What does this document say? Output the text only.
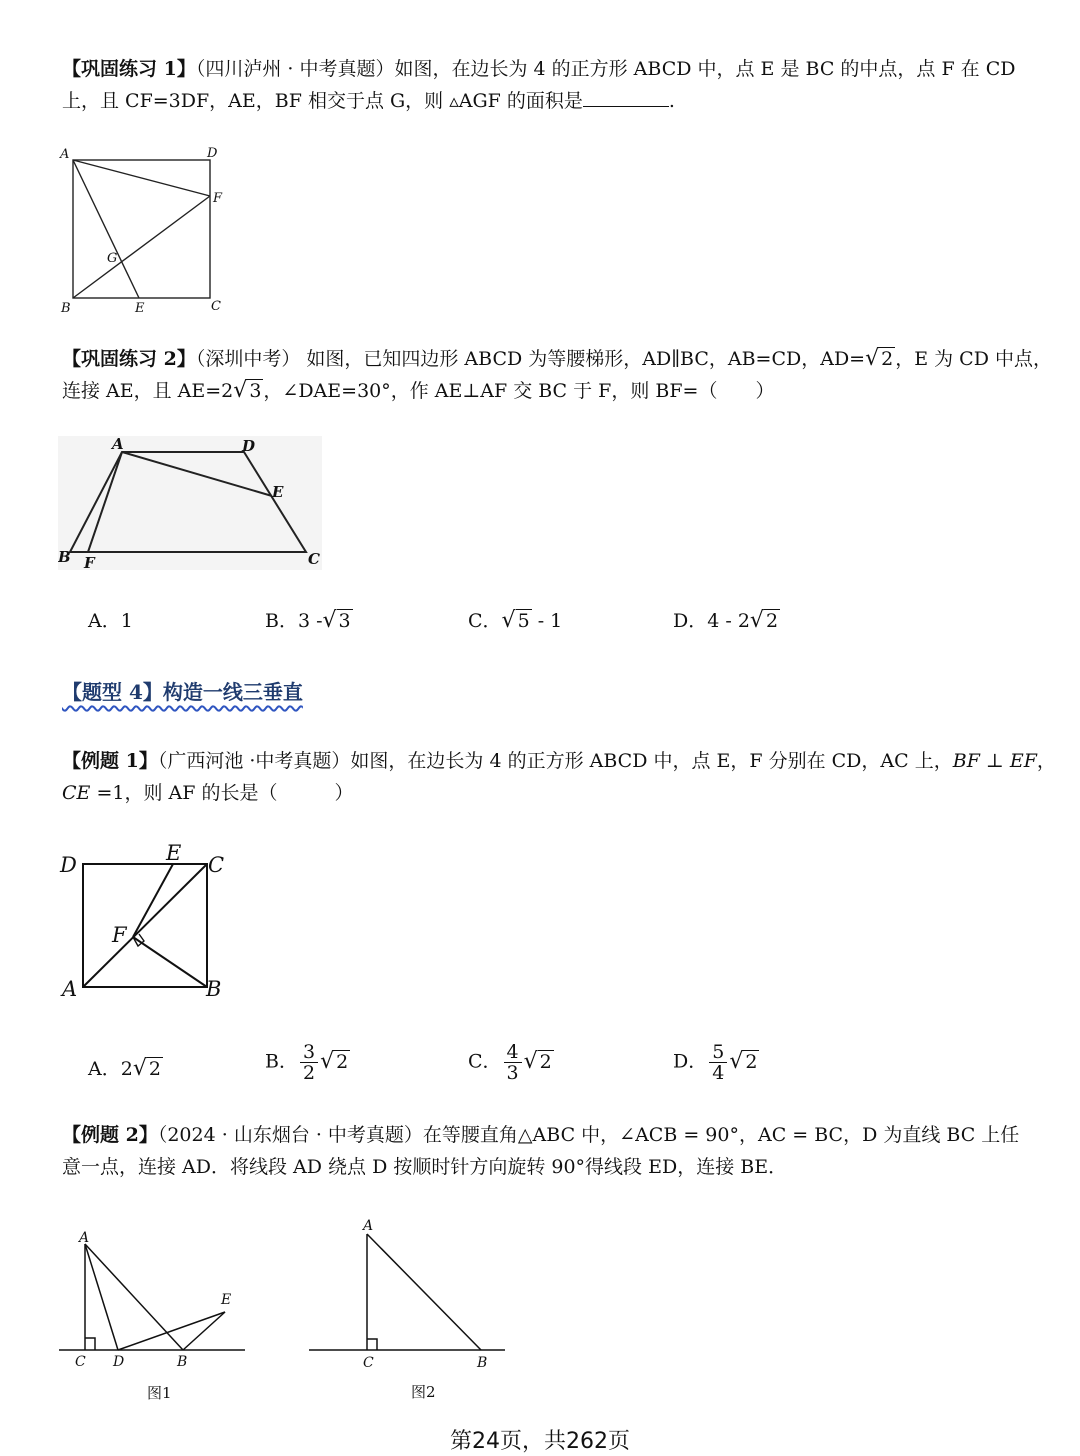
【巩固练习 1】（四川泸州 · 中考真题）如图，在边长为 4 的正方形 ABCD 中，点 E 是 BC 的中点，点 F 在 CD
上，且 CF=3DF，AE，BF 相交于点 G，则 ▵AGF 的面积是	.
A	D
F
G
B	E	C
【巩固练习 2】（深圳中考） 如图，已知四边形 ABCD 为等腰梯形，AD∥BC，AB=CD，AD=√ 2 ，E 为 CD 中点，
连接 AE，且 AE=2√ 3 ，∠DAE=30°，作 AE⊥AF 交 BC 于 F，则 BF=（　　）
A	D
E
B F	C
A．1	B．3 -√ 3	C．√ 5 - 1	D．4 - 2√ 2
【题型 4】构造一线三垂直
【例题 1】（广西河池 ·中考真题）如图，在边长为 4 的正方形 ABCD 中，点 E，F 分别在 CD，AC 上，BF ⊥ EF，
CE =1，则 AF 的长是（　　　）
D	E C
F
A	B
A．2√ 2	B． $\frac{3}{2}$ √ 2	C． $\frac{4}{3}$ √ 2	D． $\frac{5}{4}$ √ 2
【例题 2】（2024 · 山东烟台 · 中考真题）在等腰直角△ABC 中，∠ACB = 90°，AC = BC，D 为直线 BC 上任
意一点，连接 AD．将线段 AD 绕点 D 按顺时针方向旋转 90°得线段 ED，连接 BE．
A
C D	B
E
图1
A
C	B
图2
第24页，共262页
